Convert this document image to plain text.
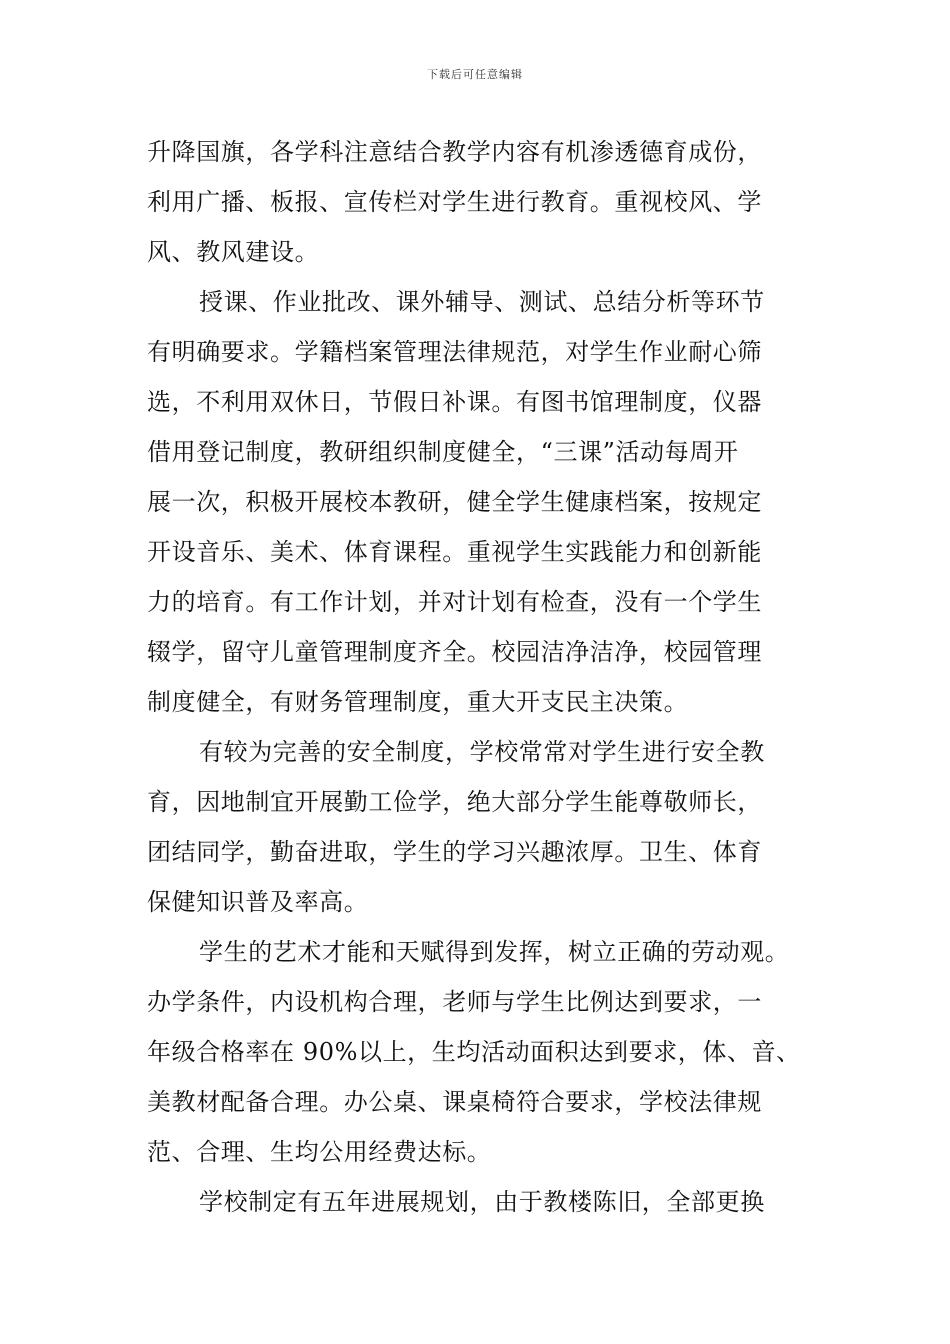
下载后可任意编辑
升降国旗，各学科注意结合教学内容有机渗透德育成份，
利用广播、板报、宣传栏对学生进行教育。重视校风、学
风、教风建设。
授课、作业批改、课外辅导、测试、总结分析等环节
有明确要求。学籍档案管理法律规范，对学生作业耐心筛
选，不利用双休日，节假日补课。有图书馆理制度，仪器
借用登记制度，教研组织制度健全，“三课”活动每周开
展一次，积极开展校本教研，健全学生健康档案，按规定
开设音乐、美术、体育课程。重视学生实践能力和创新能
力的培育。有工作计划，并对计划有检查，没有一个学生
辍学，留守儿童管理制度齐全。校园洁净洁净，校园管理
制度健全，有财务管理制度，重大开支民主决策。
有较为完善的安全制度，学校常常对学生进行安全教
育，因地制宜开展勤工俭学，绝大部分学生能尊敬师长，
团结同学，勤奋进取，学生的学习兴趣浓厚。卫生、体育
保健知识普及率高。
学生的艺术才能和天赋得到发挥，树立正确的劳动观。
办学条件，内设机构合理，老师与学生比例达到要求，一
年级合格率在 90%以上，生均活动面积达到要求，体、音、
美教材配备合理。办公桌、课桌椅符合要求，学校法律规
范、合理、生均公用经费达标。
学校制定有五年进展规划，由于教楼陈旧，全部更换
